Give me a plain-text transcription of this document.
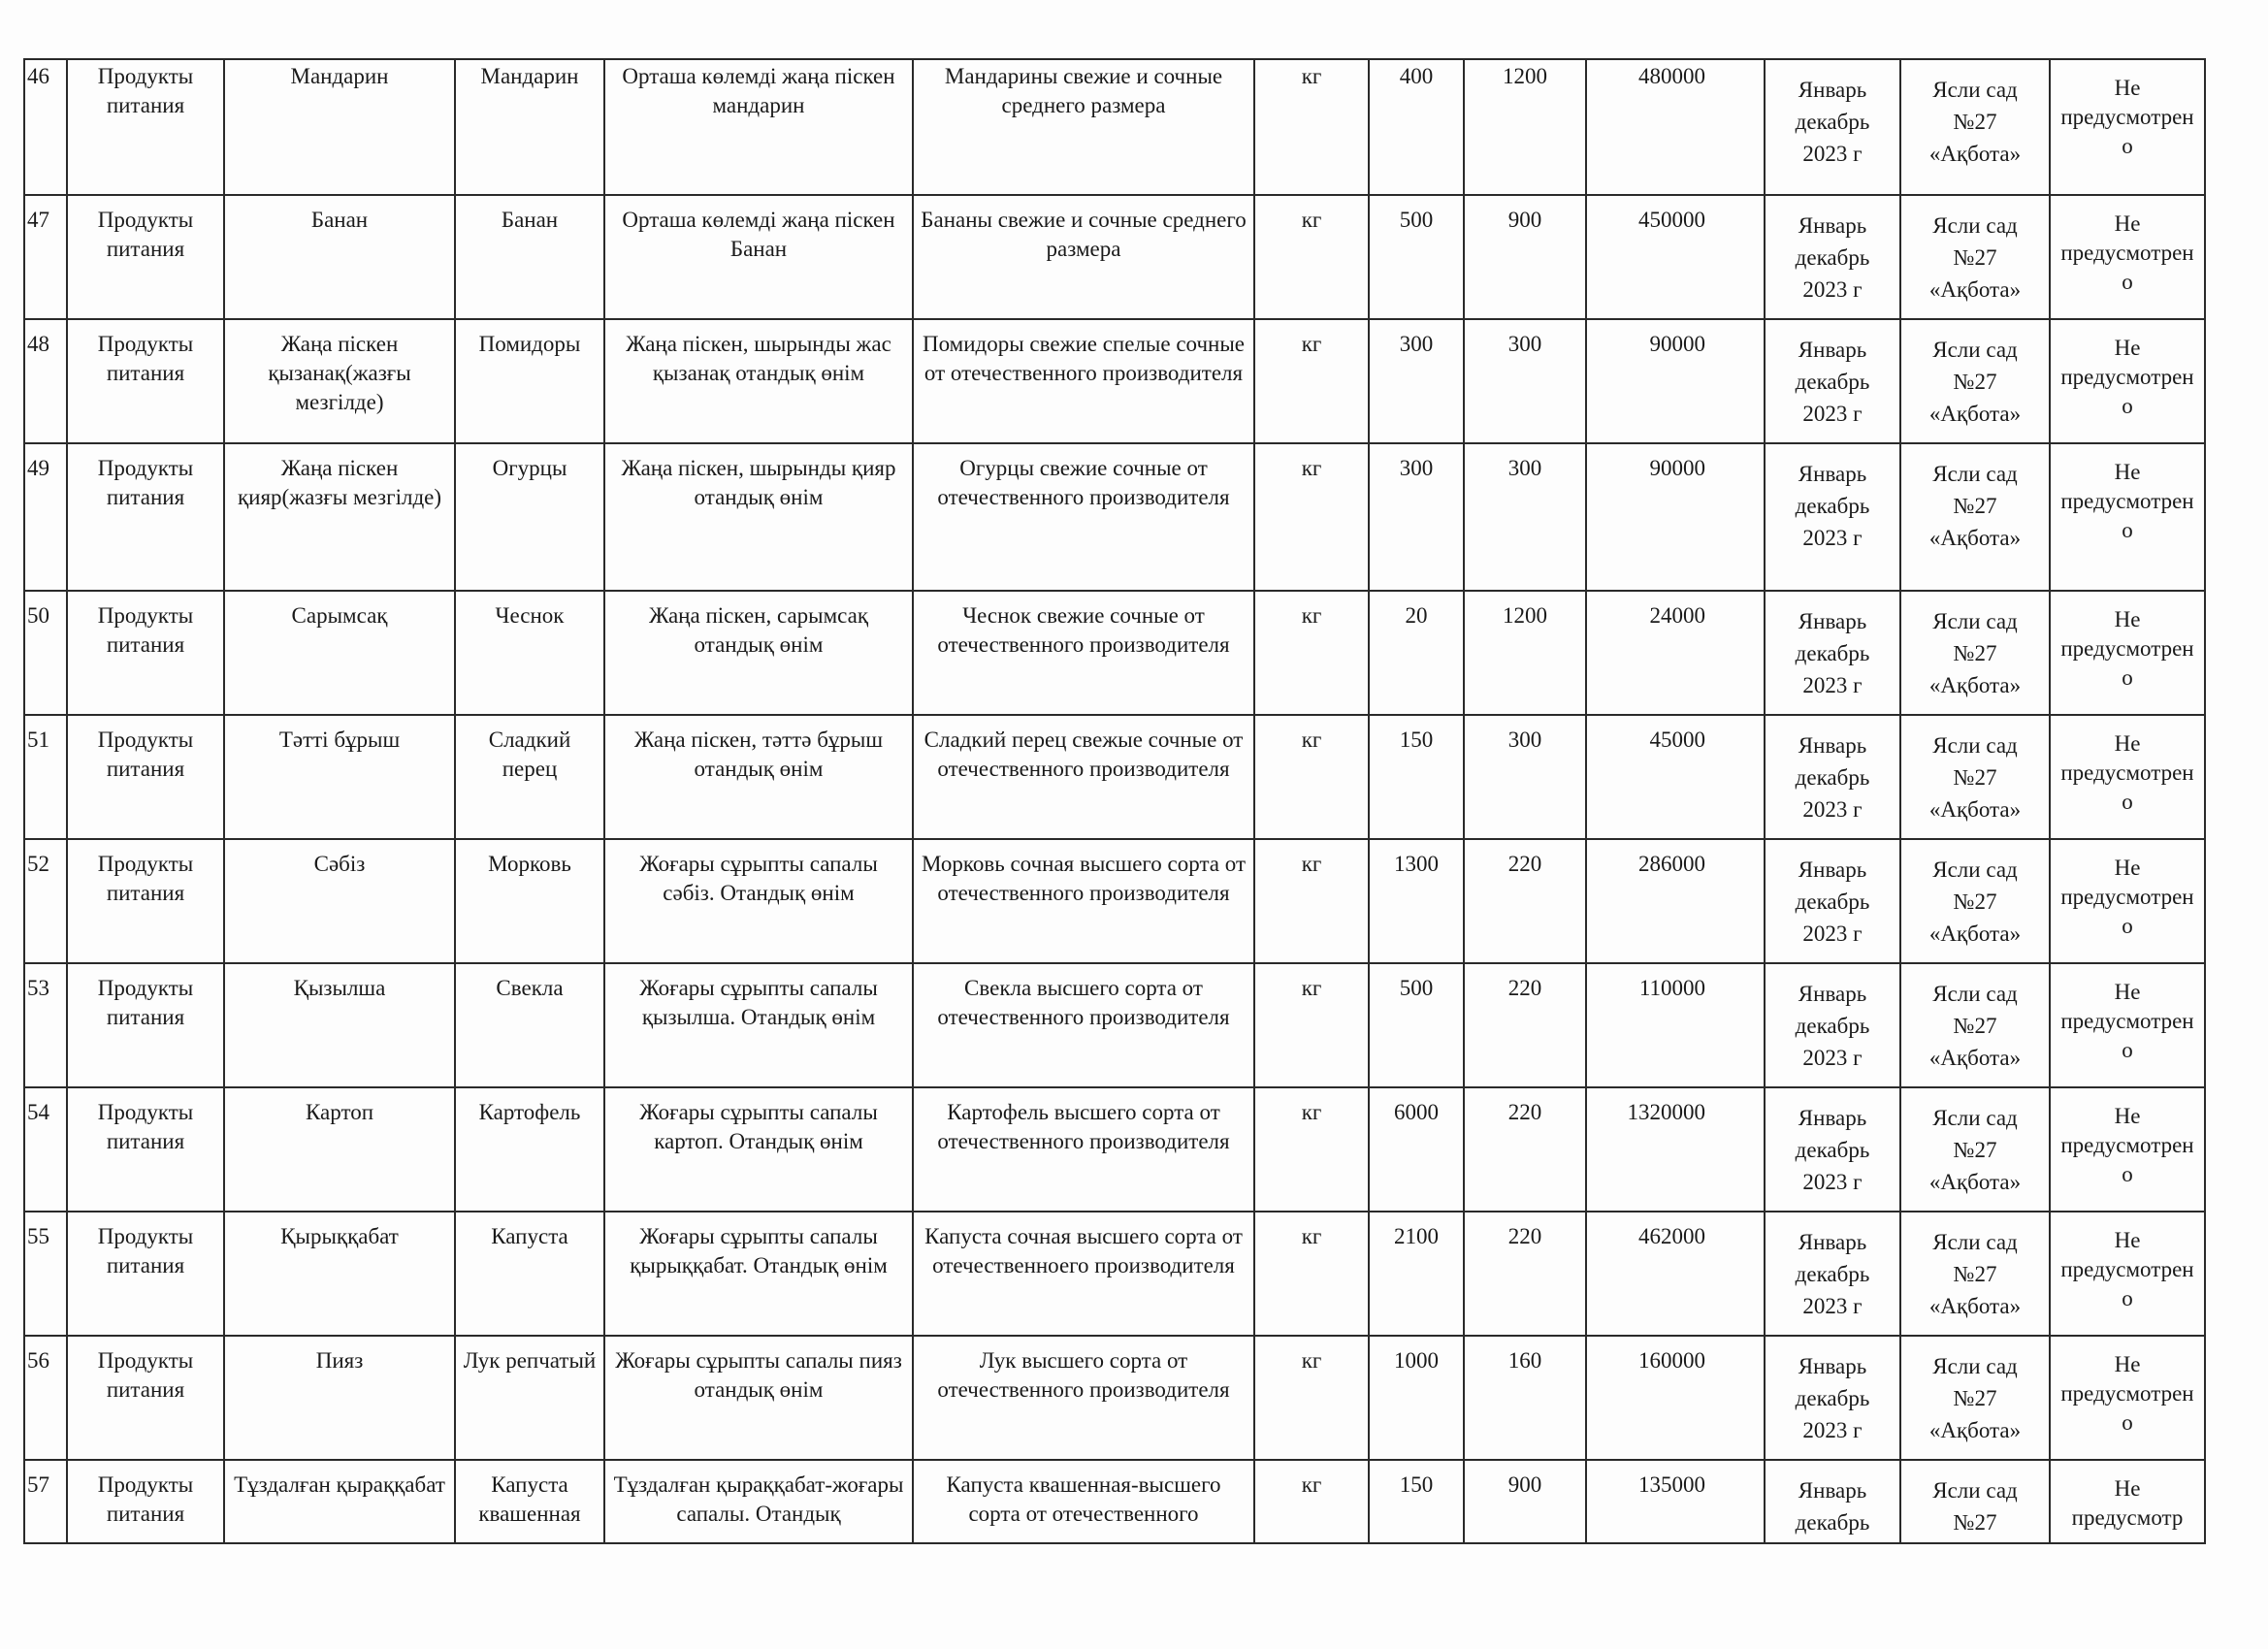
46	Продукты питания	Мандарин	Мандарин	Орташа көлемді жаңа піскен мандарин	Мандарины свежие и сочные среднего размера	кг	400	1200	480000	Январь
декабрь
2023 г	Ясли сад
№27
«Ақбота»	Не предусмотрено
47	Продукты питания	Банан	Банан	Орташа көлемді жаңа піскен Банан	Бананы свежие и сочные среднего размера	кг	500	900	450000	Январь
декабрь
2023 г	Ясли сад
№27
«Ақбота»	Не предусмотрено
48	Продукты питания	Жаңа піскен қызанақ(жазғы мезгілде)	Помидоры	Жаңа піскен, шырынды жас қызанақ отандық өнім	Помидоры свежие спелые сочные от отечественного производителя	кг	300	300	90000	Январь
декабрь
2023 г	Ясли сад
№27
«Ақбота»	Не предусмотрено
49	Продукты питания	Жаңа піскен қияр(жазғы мезгілде)	Огурцы	Жаңа піскен, шырынды қияр отандық өнім	Огурцы свежие сочные от отечественного производителя	кг	300	300	90000	Январь
декабрь
2023 г	Ясли сад
№27
«Ақбота»	Не предусмотрено
50	Продукты питания	Сарымсақ	Чеснок	Жаңа піскен, сарымсақ отандық өнім	Чеснок свежие сочные от отечественного производителя	кг	20	1200	24000	Январь
декабрь
2023 г	Ясли сад
№27
«Ақбота»	Не предусмотрено
51	Продукты питания	Тәтті бұрыш	Сладкий перец	Жаңа піскен, тәттә бұрыш отандық өнім	Сладкий перец свежые сочные от отечественного производителя	кг	150	300	45000	Январь
декабрь
2023 г	Ясли сад
№27
«Ақбота»	Не предусмотрено
52	Продукты питания	Сәбіз	Морковь	Жоғары сұрыпты сапалы сәбіз. Отандық өнім	Морковь сочная высшего сорта от отечественного производителя	кг	1300	220	286000	Январь
декабрь
2023 г	Ясли сад
№27
«Ақбота»	Не предусмотрено
53	Продукты питания	Қызылша	Свекла	Жоғары сұрыпты сапалы қызылша. Отандық өнім	Свекла высшего сорта от отечественного производителя	кг	500	220	110000	Январь
декабрь
2023 г	Ясли сад
№27
«Ақбота»	Не предусмотрено
54	Продукты питания	Картоп	Картофель	Жоғары сұрыпты сапалы картоп. Отандық өнім	Картофель высшего сорта от отечественного производителя	кг	6000	220	1320000	Январь
декабрь
2023 г	Ясли сад
№27
«Ақбота»	Не предусмотрено
55	Продукты питания	Қырыққабат	Капуста	Жоғары сұрыпты сапалы қырыққабат. Отандық өнім	Капуста сочная высшего сорта от отечественноего производителя	кг	2100	220	462000	Январь
декабрь
2023 г	Ясли сад
№27
«Ақбота»	Не предусмотрено
56	Продукты питания	Пияз	Лук репчатый	Жоғары сұрыпты сапалы пияз отандық өнім	Лук высшего сорта от отечественного производителя	кг	1000	160	160000	Январь
декабрь
2023 г	Ясли сад
№27
«Ақбота»	Не предусмотрено
57	Продукты питания	Тұздалған қыраққабат	Капуста квашенная	Тұздалған қыраққабат-жоғары сапалы. Отандық	Капуста квашенная-высшего сорта от отечественного	кг	150	900	135000	Январь
декабрь	Ясли сад
№27	Не предусмотр
